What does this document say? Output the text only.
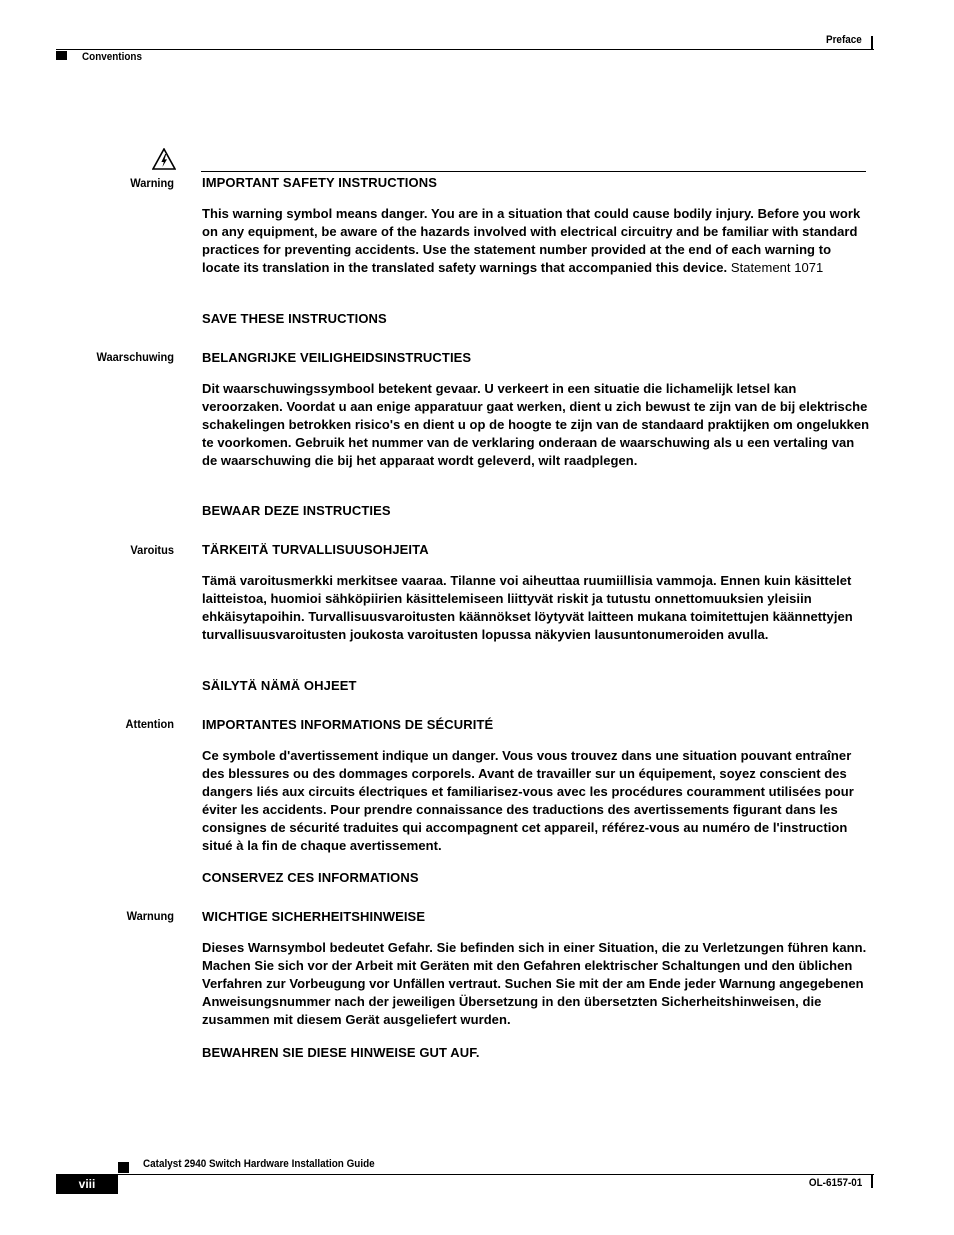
Preface
Conventions
Warning IMPORTANT SAFETY INSTRUCTIONS
This warning symbol means danger. You are in a situation that could cause bodily injury. Before you work on any equipment, be aware of the hazards involved with electrical circuitry and be familiar with standard practices for preventing accidents. Use the statement number provided at the end of each warning to locate its translation in the translated safety warnings that accompanied this device. Statement 1071
SAVE THESE INSTRUCTIONS
Waarschuwing BELANGRIJKE VEILIGHEIDSINSTRUCTIES
Dit waarschuwingssymbool betekent gevaar. U verkeert in een situatie die lichamelijk letsel kan veroorzaken. Voordat u aan enige apparatuur gaat werken, dient u zich bewust te zijn van de bij elektrische schakelingen betrokken risico's en dient u op de hoogte te zijn van de standaard praktijken om ongelukken te voorkomen. Gebruik het nummer van de verklaring onderaan de waarschuwing als u een vertaling van de waarschuwing die bij het apparaat wordt geleverd, wilt raadplegen.
BEWAAR DEZE INSTRUCTIES
Varoitus TÄRKEITÄ TURVALLISUUSOHJEITA
Tämä varoitusmerkki merkitsee vaaraa. Tilanne voi aiheuttaa ruumiillisia vammoja. Ennen kuin käsittelet laitteistoa, huomioi sähköpiirien käsittelemiseen liittyvät riskit ja tutustu onnettomuuksien yleisiin ehkäisytapoihin. Turvallisuusvaroitusten käännökset löytyvät laitteen mukana toimitettujen käännettyjen turvallisuusvaroitusten joukosta varoitusten lopussa näkyvien lausuntonumeroiden avulla.
SÄILYTÄ NÄMÄ OHJEET
Attention IMPORTANTES INFORMATIONS DE SÉCURITÉ
Ce symbole d'avertissement indique un danger. Vous vous trouvez dans une situation pouvant entraîner des blessures ou des dommages corporels. Avant de travailler sur un équipement, soyez conscient des dangers liés aux circuits électriques et familiarisez-vous avec les procédures couramment utilisées pour éviter les accidents. Pour prendre connaissance des traductions des avertissements figurant dans les consignes de sécurité traduites qui accompagnent cet appareil, référez-vous au numéro de l'instruction situé à la fin de chaque avertissement.
CONSERVEZ CES INFORMATIONS
Warnung WICHTIGE SICHERHEITSHINWEISE
Dieses Warnsymbol bedeutet Gefahr. Sie befinden sich in einer Situation, die zu Verletzungen führen kann. Machen Sie sich vor der Arbeit mit Geräten mit den Gefahren elektrischer Schaltungen und den üblichen Verfahren zur Vorbeugung vor Unfällen vertraut. Suchen Sie mit der am Ende jeder Warnung angegebenen Anweisungsnummer nach der jeweiligen Übersetzung in den übersetzten Sicherheitshinweisen, die zusammen mit diesem Gerät ausgeliefert wurden.
BEWAHREN SIE DIESE HINWEISE GUT AUF.
Catalyst 2940 Switch Hardware Installation Guide
viii	OL-6157-01
